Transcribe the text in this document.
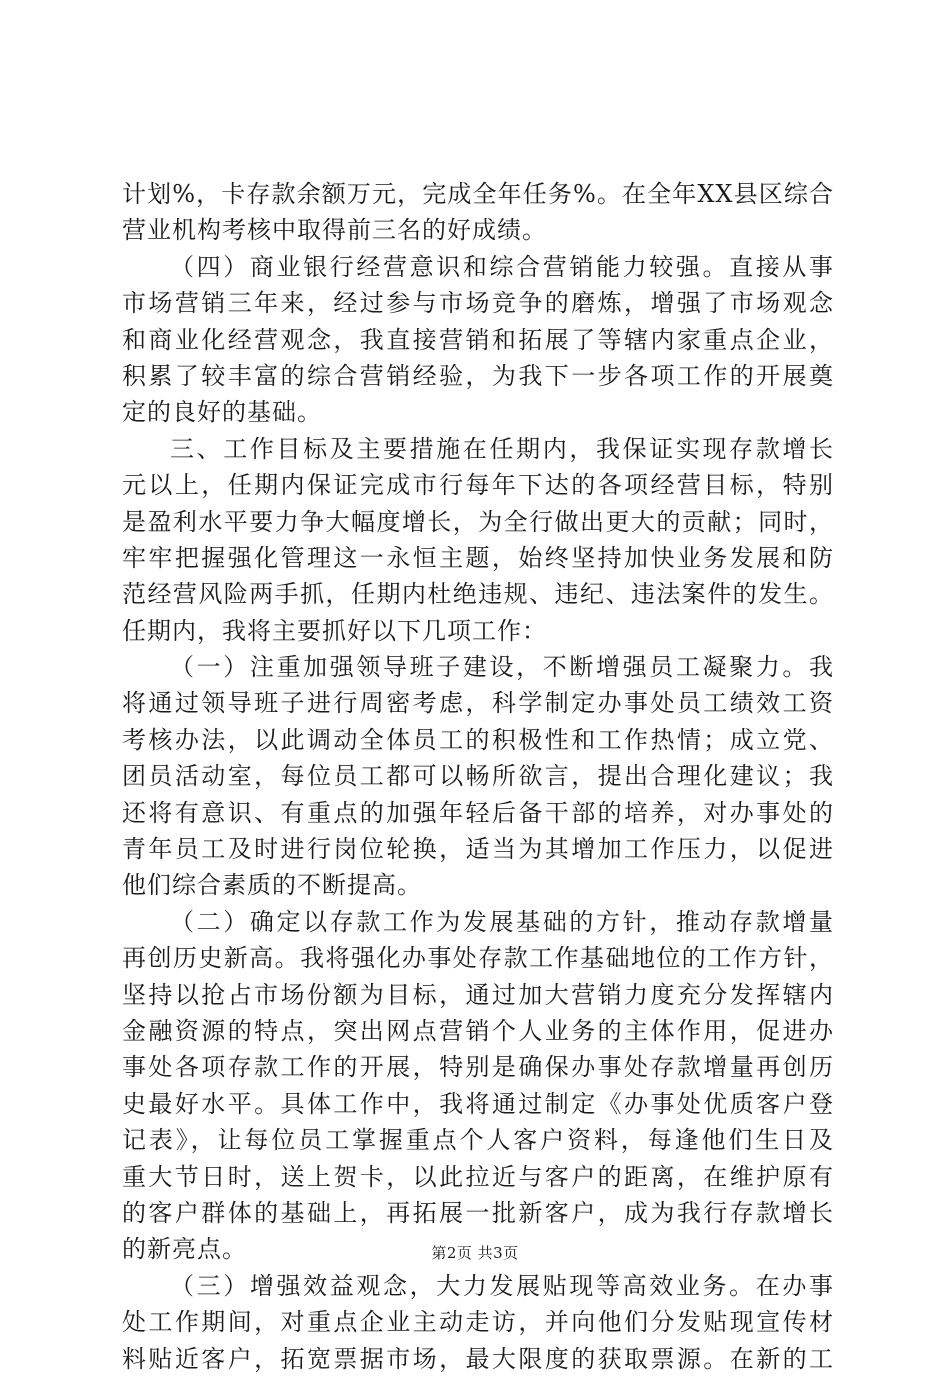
计划%，卡存款余额万元，完成全年任务%。在全年XX县区综合
营业机构考核中取得前三名的好成绩。
（四）商业银行经营意识和综合营销能力较强。直接从事
市场营销三年来，经过参与市场竞争的磨炼，增强了市场观念
和商业化经营观念，我直接营销和拓展了等辖内家重点企业，
积累了较丰富的综合营销经验，为我下一步各项工作的开展奠
定的良好的基础。
三、工作目标及主要措施在任期内，我保证实现存款增长
元以上，任期内保证完成市行每年下达的各项经营目标，特别
是盈利水平要力争大幅度增长，为全行做出更大的贡献；同时，
牢牢把握强化管理这一永恒主题，始终坚持加快业务发展和防
范经营风险两手抓，任期内杜绝违规、违纪、违法案件的发生。
任期内，我将主要抓好以下几项工作：
（一）注重加强领导班子建设，不断增强员工凝聚力。我
将通过领导班子进行周密考虑，科学制定办事处员工绩效工资
考核办法，以此调动全体员工的积极性和工作热情；成立党、
团员活动室，每位员工都可以畅所欲言，提出合理化建议；我
还将有意识、有重点的加强年轻后备干部的培养，对办事处的
青年员工及时进行岗位轮换，适当为其增加工作压力，以促进
他们综合素质的不断提高。
（二）确定以存款工作为发展基础的方针，推动存款增量
再创历史新高。我将强化办事处存款工作基础地位的工作方针，
坚持以抢占市场份额为目标，通过加大营销力度充分发挥辖内
金融资源的特点，突出网点营销个人业务的主体作用，促进办
事处各项存款工作的开展，特别是确保办事处存款增量再创历
史最好水平。具体工作中，我将通过制定《办事处优质客户登
记表》，让每位员工掌握重点个人客户资料，每逢他们生日及
重大节日时，送上贺卡，以此拉近与客户的距离，在维护原有
的客户群体的基础上，再拓展一批新客户，成为我行存款增长
的新亮点。
（三）增强效益观念，大力发展贴现等高效业务。在办事
处工作期间，对重点企业主动走访，并向他们分发贴现宣传材
料贴近客户，拓宽票据市场，最大限度的获取票源。在新的工
第2页 共3页
